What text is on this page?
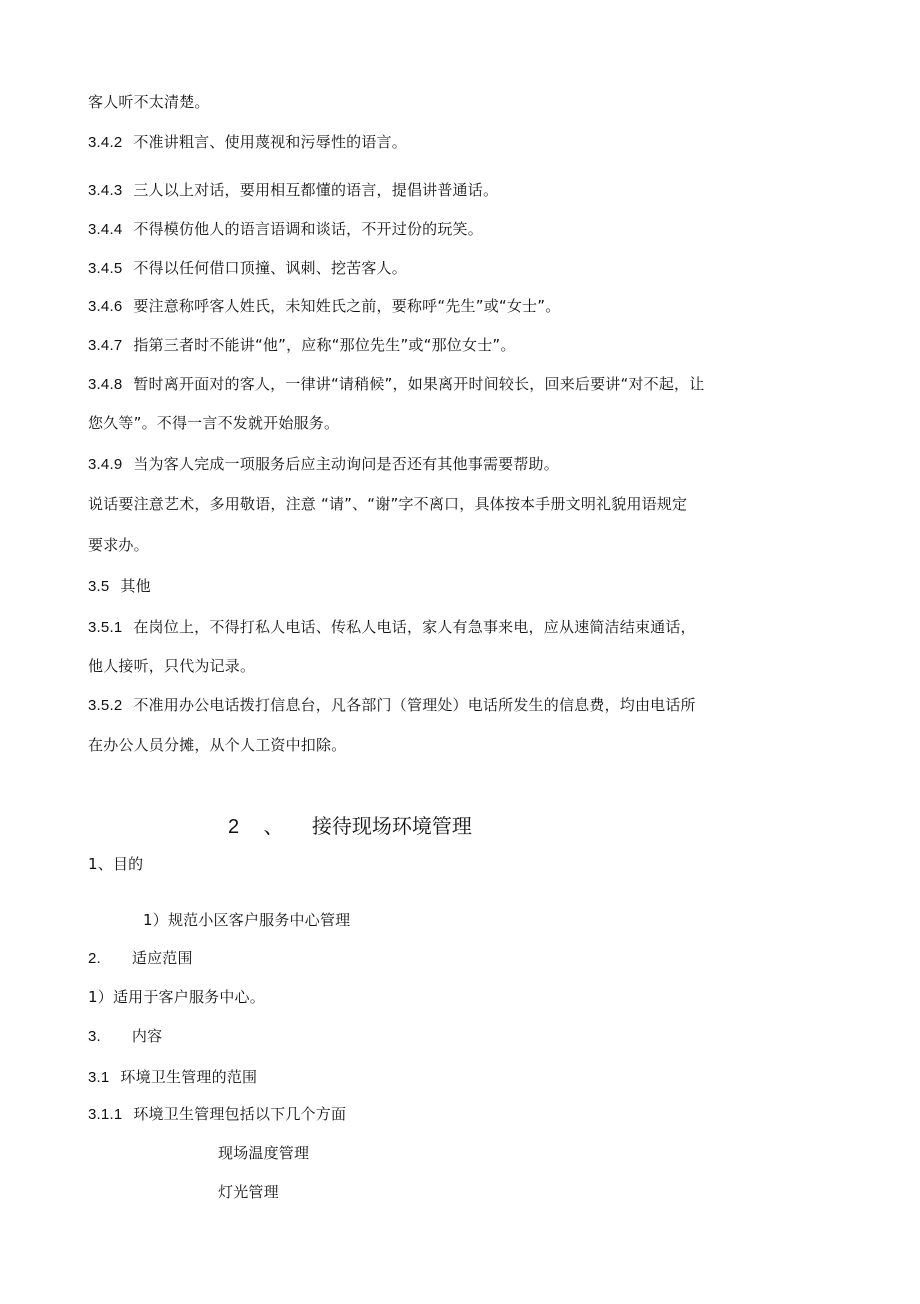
客人听不太清楚。
3.4.2 不准讲粗言、使用蔑视和污辱性的语言。
3.4.3 三人以上对话，要用相互都懂的语言，提倡讲普通话。
3.4.4 不得模仿他人的语言语调和谈话，不开过份的玩笑。
3.4.5 不得以任何借口顶撞、讽刺、挖苦客人。
3.4.6 要注意称呼客人姓氏，未知姓氏之前，要称呼“先生”或“女士”。
3.4.7 指第三者时不能讲“他”，应称“那位先生”或“那位女士”。
3.4.8 暂时离开面对的客人，一律讲“请稍候”，如果离开时间较长，回来后要讲“对不起，让
您久等”。不得一言不发就开始服务。
3.4.9 当为客人完成一项服务后应主动询问是否还有其他事需要帮助。
说话要注意艺术，多用敬语，注意 “请”、“谢”字不离口，具体按本手册文明礼貌用语规定
要求办。
3.5 其他
3.5.1 在岗位上，不得打私人电话、传私人电话，家人有急事来电，应从速简洁结束通话，
他人接听，只代为记录。
3.5.2 不准用办公电话拨打信息台，凡各部门（管理处）电话所发生的信息费，均由电话所
在办公人员分摊，从个人工资中扣除。
2 、 接待现场环境管理
1、目的
1）规范小区客户服务中心管理
2. 适应范围
1）适用于客户服务中心。
3. 内容
3.1 环境卫生管理的范围
3.1.1 环境卫生管理包括以下几个方面
现场温度管理
灯光管理
